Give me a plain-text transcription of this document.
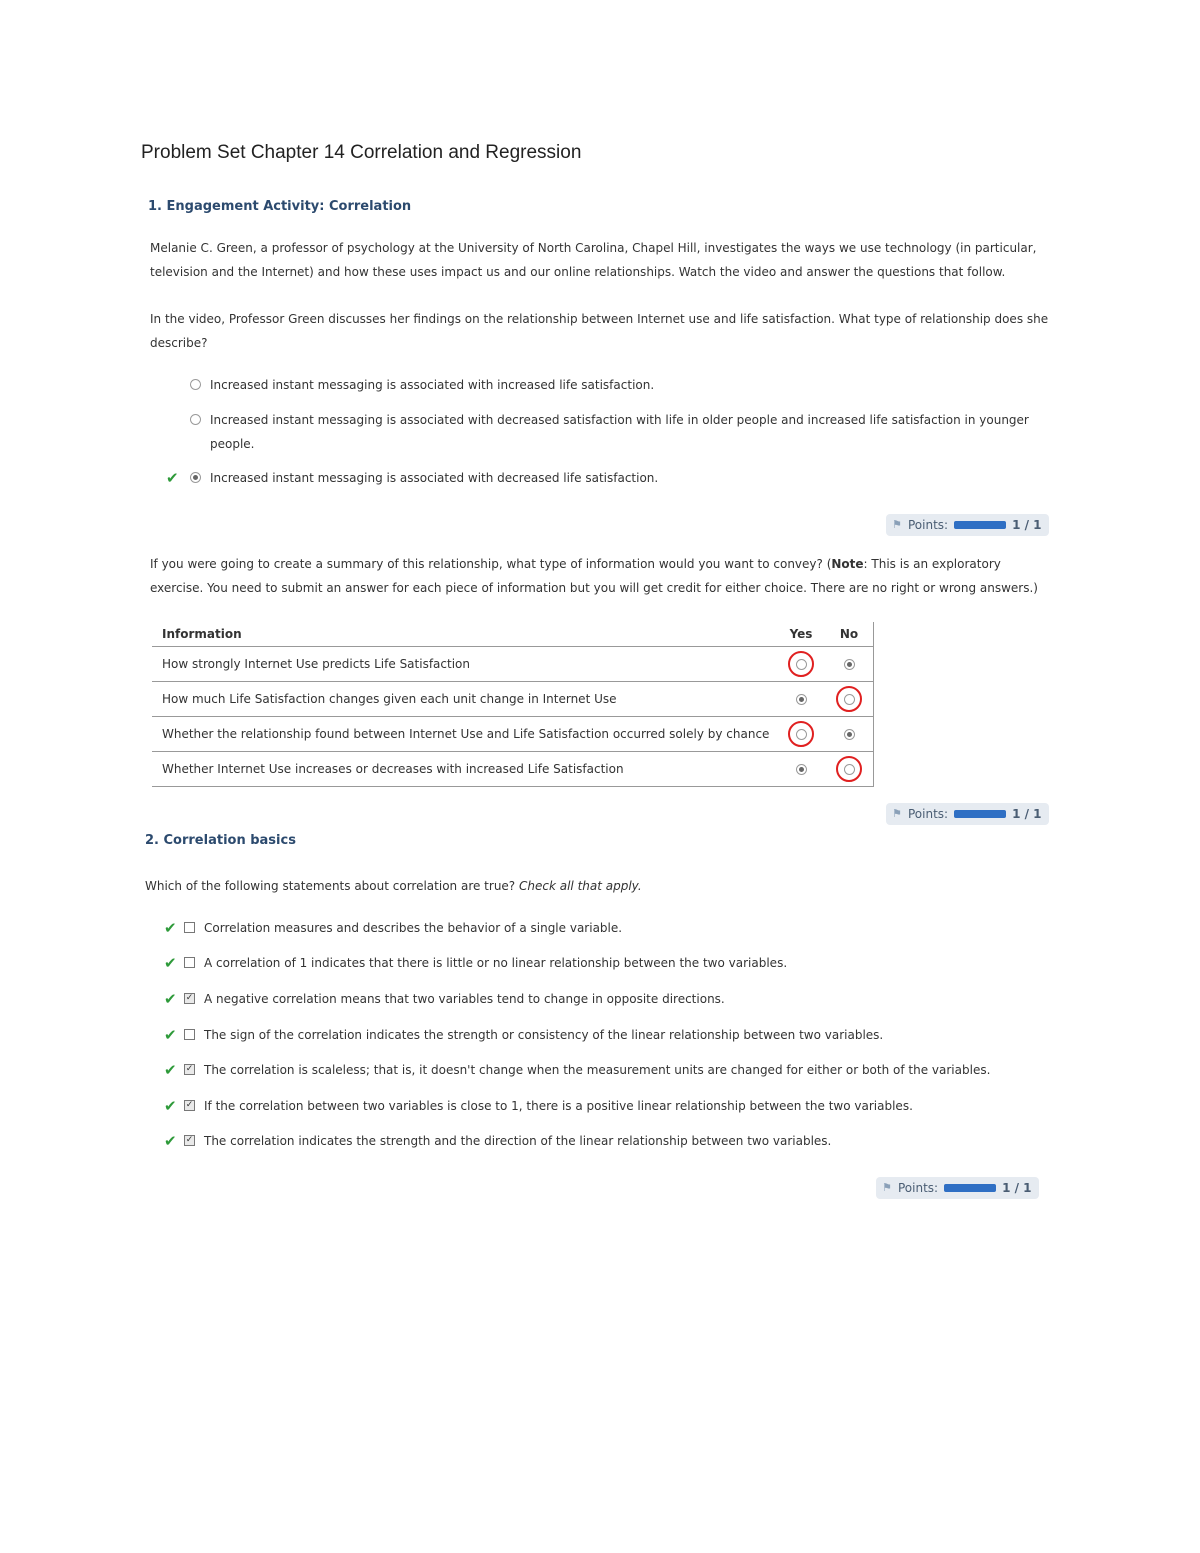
Problem Set Chapter 14 Correlation and Regression
1. Engagement Activity: Correlation

Melanie C. Green, a professor of psychology at the University of North Carolina, Chapel Hill, investigates the ways we use technology (in particular,
television and the Internet) and how these uses impact us and our online relationships. Watch the video and answer the questions that follow.

In the video, Professor Green discusses her findings on the relationship between Internet use and life satisfaction. What type of relationship does she
describe?

Increased instant messaging is associated with increased life satisfaction.
Increased instant messaging is associated with decreased satisfaction with life in older people and increased life satisfaction in younger
people.
✔	Increased instant messaging is associated with decreased life satisfaction.
⚑ Points:	1 / 1

If you were going to create a summary of this relationship, what type of information would you want to convey? (Note: This is an exploratory
exercise. You need to submit an answer for each piece of information but you will get credit for either choice. There are no right or wrong answers.)

Information	Yes	No
How strongly Internet Use predicts Life Satisfaction	

How much Life Satisfaction changes given each unit change in Internet Use		

Whether the relationship found between Internet Use and Life Satisfaction occurred solely by chance	

Whether Internet Use increases or decreases with increased Life Satisfaction		
⚑ Points:	1 / 1
2. Correlation basics

Which of the following statements about correlation are true? Check all that apply.

✔	Correlation measures and describes the behavior of a single variable.
✔	A correlation of 1 indicates that there is little or no linear relationship between the two variables.
✔	✓ A negative correlation means that two variables tend to change in opposite directions.
✔	The sign of the correlation indicates the strength or consistency of the linear relationship between two variables.
✔	✓ The correlation is scaleless; that is, it doesn't change when the measurement units are changed for either or both of the variables.
✔	✓ If the correlation between two variables is close to 1, there is a positive linear relationship between the two variables.
✔	✓ The correlation indicates the strength and the direction of the linear relationship between two variables.
⚑ Points:	1 / 1
